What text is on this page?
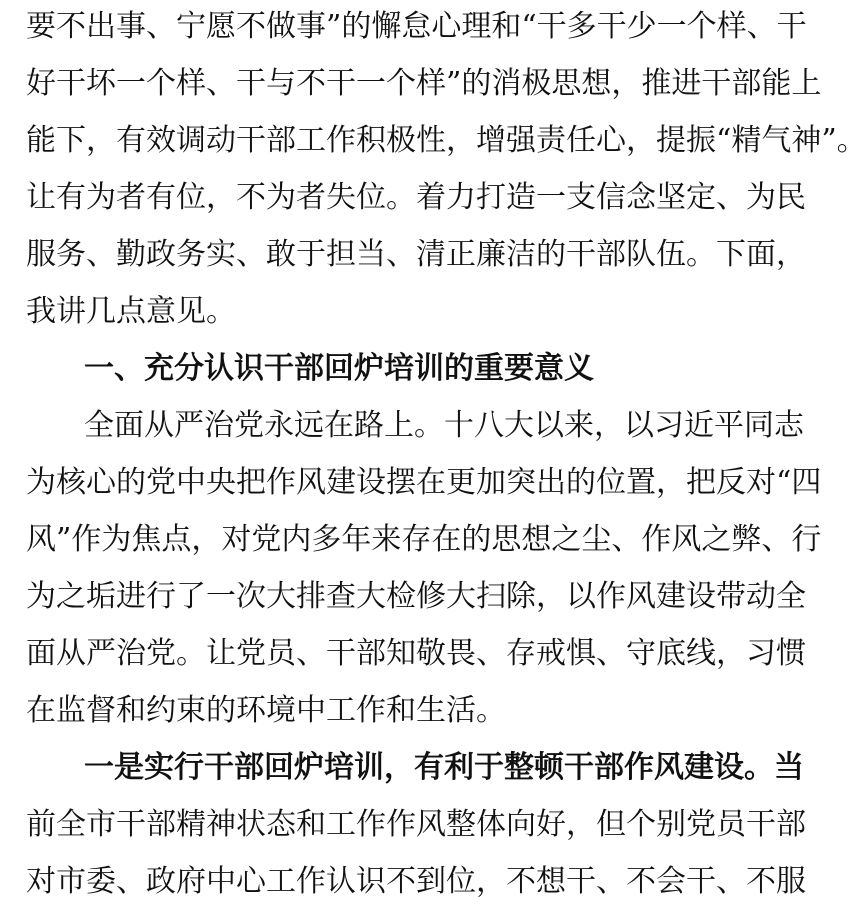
要不出事、宁愿不做事”的懈怠心理和“干多干少一个样、干
好干坏一个样、干与不干一个样”的消极思想，推进干部能上
能下，有效调动干部工作积极性，增强责任心，提振“精气神”。
让有为者有位，不为者失位。着力打造一支信念坚定、为民
服务、勤政务实、敢于担当、清正廉洁的干部队伍。下面，
我讲几点意见。
一、充分认识干部回炉培训的重要意义
全面从严治党永远在路上。十八大以来，以习近平同志
为核心的党中央把作风建设摆在更加突出的位置，把反对“四
风”作为焦点，对党内多年来存在的思想之尘、作风之弊、行
为之垢进行了一次大排查大检修大扫除，以作风建设带动全
面从严治党。让党员、干部知敬畏、存戒惧、守底线，习惯
在监督和约束的环境中工作和生活。
一是实行干部回炉培训，有利于整顿干部作风建设。当
前全市干部精神状态和工作作风整体向好，但个别党员干部
对市委、政府中心工作认识不到位，不想干、不会干、不服
